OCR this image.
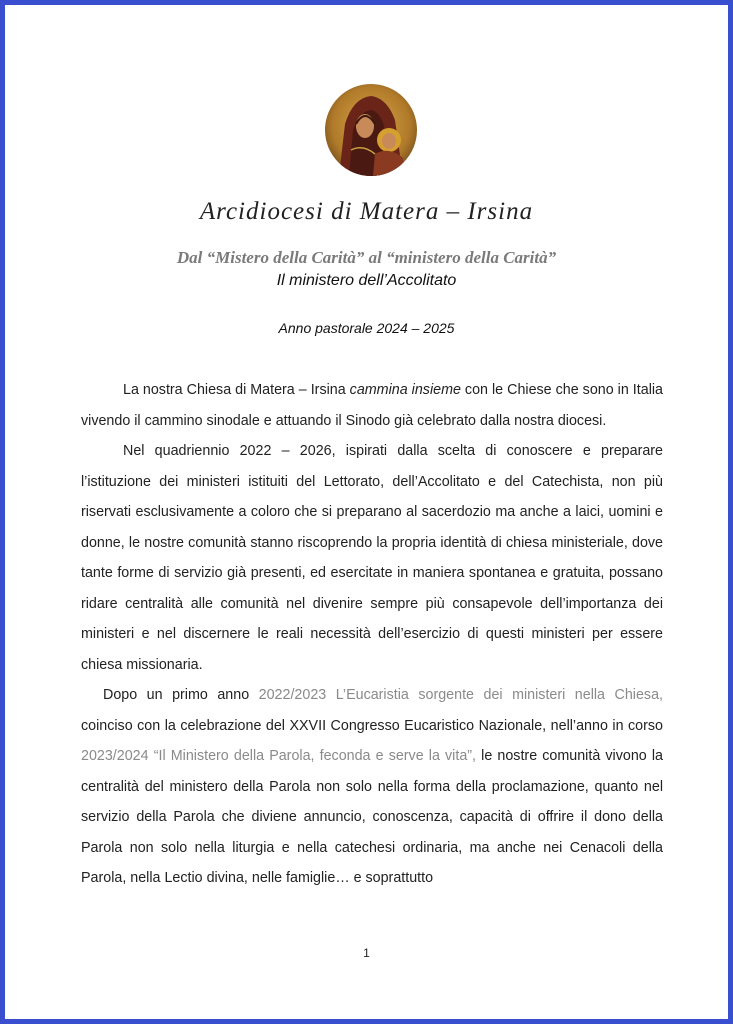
Arcidiocesi di Matera – Irsina
Dal “Mistero della Carità” al “ministero della Carità”
Il ministero dell’Accolitato
Anno pastorale 2024 – 2025

La nostra Chiesa di Matera – Irsina cammina insieme con le Chiese che sono in Italia vivendo il cammino sinodale e attuando il Sinodo già celebrato dalla nostra diocesi.

Nel quadriennio 2022 – 2026, ispirati dalla scelta di conoscere e preparare l’istituzione dei ministeri istituiti del Lettorato, dell’Accolitato e del Catechista, non più riservati esclusivamente a coloro che si preparano al sacerdozio ma anche a laici, uomini e donne, le nostre comunità stanno riscoprendo la propria identità di chiesa ministeriale, dove tante forme di servizio già presenti, ed esercitate in maniera spontanea e gratuita, possano ridare centralità alle comunità nel divenire sempre più consapevole dell’importanza dei ministeri e nel discernere le reali necessità dell’esercizio di questi ministeri per essere chiesa missionaria.

Dopo un primo anno 2022/2023 L’Eucaristia sorgente dei ministeri nella Chiesa, coinciso con la celebrazione del XXVII Congresso Eucaristico Nazionale, nell’anno in corso 2023/2024 “Il Ministero della Parola, feconda e serve la vita”, le nostre comunità vivono la centralità del ministero della Parola non solo nella forma della proclamazione, quanto nel servizio della Parola che diviene annuncio, conoscenza, capacità di offrire il dono della Parola non solo nella liturgia e nella catechesi ordinaria, ma anche nei Cenacoli della Parola, nella Lectio divina, nelle famiglie… e soprattutto

1
